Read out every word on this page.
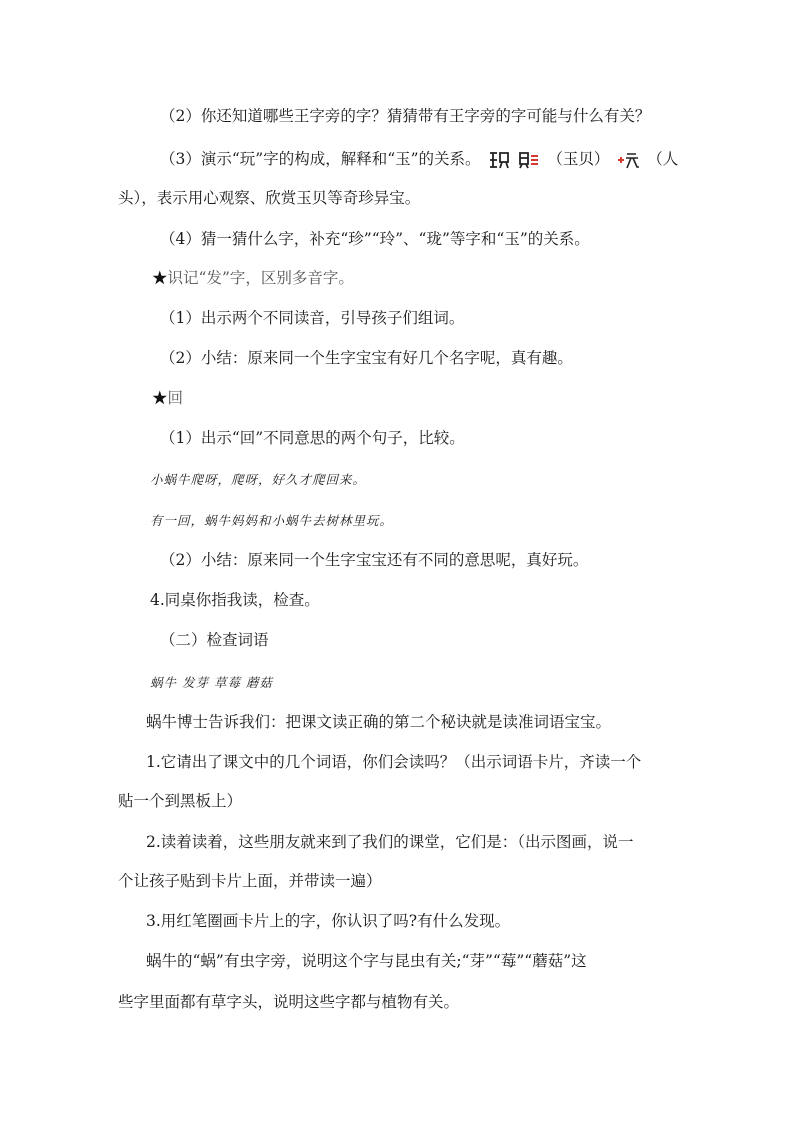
（2）你还知道哪些王字旁的字？猜猜带有王字旁的字可能与什么有关？
（3）演示“玩”字的构成，解释和“玉”的关系。	（玉贝） （人
头），表示用心观察、欣赏玉贝等奇珍异宝。
（4）猜一猜什么字，补充“珍”“玲”、“珑”等字和“玉”的关系。
★识记“发”字，区别多音字。
（1）出示两个不同读音，引导孩子们组词。
（2）小结：原来同一个生字宝宝有好几个名字呢，真有趣。
★回
（1）出示“回”不同意思的两个句子，比较。
小蜗牛爬呀，爬呀，好久才爬回来。
有一回，蜗牛妈妈和小蜗牛去树林里玩。
（2）小结：原来同一个生字宝宝还有不同的意思呢，真好玩。
4.同桌你指我读，检查。
（二）检查词语
蜗牛 发芽 草莓 蘑菇
蜗牛博士告诉我们：把课文读正确的第二个秘诀就是读准词语宝宝。
1.它请出了课文中的几个词语，你们会读吗？（出示词语卡片，齐读一个
贴一个到黑板上）
2.读着读着，这些朋友就来到了我们的课堂，它们是：（出示图画，说一
个让孩子贴到卡片上面，并带读一遍）
3.用红笔圈画卡片上的字，你认识了吗?有什么发现。
蜗牛的“蜗”有虫字旁，说明这个字与昆虫有关;“芽”“莓”“蘑菇”这
些字里面都有草字头，说明这些字都与植物有关。
